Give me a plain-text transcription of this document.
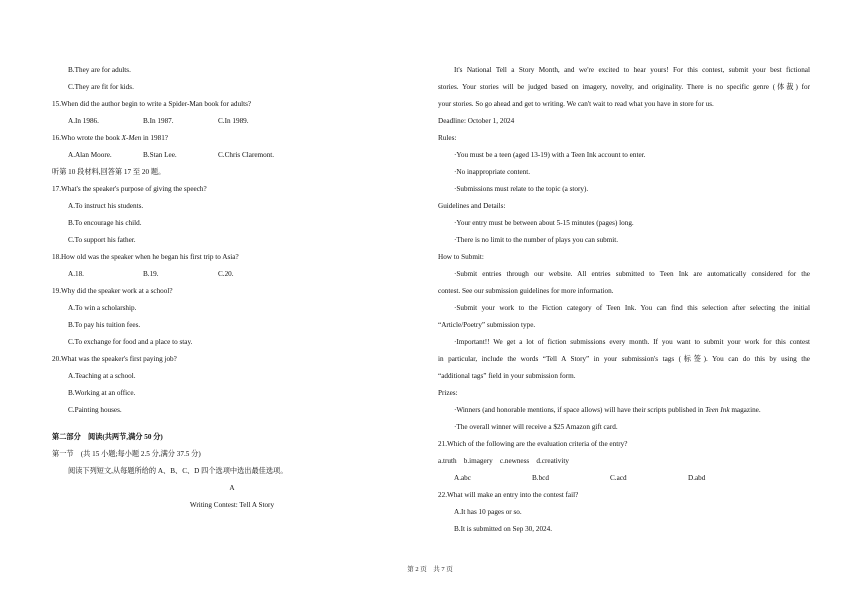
B.They are for adults.
C.They are fit for kids.
15.When did the author begin to write a Spider-Man book for adults?
A.In 1986.	B.In 1987.	C.In 1989.
16.Who wrote the book X-Men in 1981?
A.Alan Moore.	B.Stan Lee.	C.Chris Claremont.
听第 10 段材料,回答第 17 至 20 题。
17.What's the speaker's purpose of giving the speech?
A.To instruct his students.
B.To encourage his child.
C.To support his father.
18.How old was the speaker when he began his first trip to Asia?
A.18.	B.19.	C.20.
19.Why did the speaker work at a school?
A.To win a scholarship.
B.To pay his tuition fees.
C.To exchange for food and a place to stay.
20.What was the speaker's first paying job?
A.Teaching at a school.
B.Working at an office.
C.Painting houses.
第二部分　阅读(共两节,满分 50 分)
第一节　(共 15 小题;每小题 2.5 分,满分 37.5 分)
阅读下列短文,从每题所给的 A、B、C、D 四个选项中选出最佳选项。
A
Writing Contest: Tell A Story
It's National Tell a Story Month, and we're excited to hear yours! For this contest, submit your best fictional
stories. Your stories will be judged based on imagery, novelty, and originality. There is no specific genre (体裁) for
your stories. So go ahead and get to writing. We can't wait to read what you have in store for us.
Deadline: October 1, 2024
Rules:
·You must be a teen (aged 13-19) with a Teen Ink account to enter.
·No inappropriate content.
·Submissions must relate to the topic (a story).
Guidelines and Details:
·Your entry must be between about 5-15 minutes (pages) long.
·There is no limit to the number of plays you can submit.
How to Submit:
·Submit entries through our website. All entries submitted to Teen Ink are automatically considered for the
contest. See our submission guidelines for more information.
·Submit your work to the Fiction category of Teen Ink. You can find this selection after selecting the initial
“Article/Poetry” submission type.
·Important!! We get a lot of fiction submissions every month. If you want to submit your work for this contest
in particular, include the words “Tell A Story” in your submission's tags (标签). You can do this by using the
“additional tags” field in your submission form.
Prizes:
·Winners (and honorable mentions, if space allows) will have their scripts published in Teen Ink magazine.
·The overall winner will receive a $25 Amazon gift card.
21.Which of the following are the evaluation criteria of the entry?
a.truth　b.imagery　c.newness　d.creativity
A.abc	B.bcd	C.acd	D.abd
22.What will make an entry into the contest fail?
A.It has 10 pages or so.
B.It is submitted on Sep 30, 2024.
第 2 页　共 7 页
